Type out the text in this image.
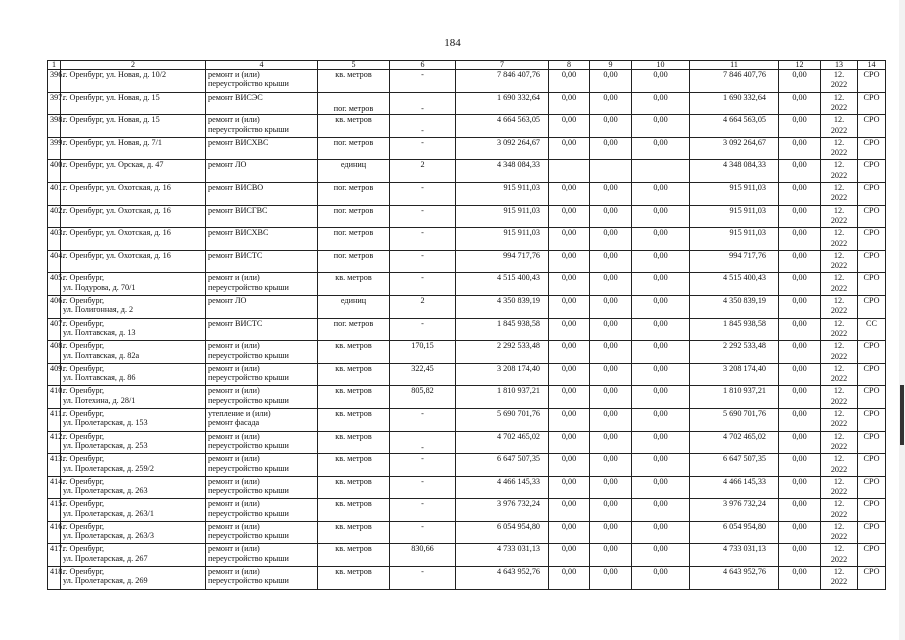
184
1	2	4	5	6	7	8	9	10	11	12	13	14
396.	г. Оренбург, ул. Новая, д. 10/2	ремонт и (или)
переустройство крыши	кв. метров	-	7 846 407,76	0,00	0,00	0,00	7 846 407,76	0,00	12.
2022	СРО
397.	г. Оренбург, ул. Новая, д. 15	ремонт ВИСЭС	пог. метров	-	1 690 332,64	0,00	0,00	0,00	1 690 332,64	0,00	12.
2022	СРО
398.	г. Оренбург, ул. Новая, д. 15	ремонт и (или)
переустройство крыши	кв. метров	-	4 664 563,05	0,00	0,00	0,00	4 664 563,05	0,00	12.
2022	СРО
399.	г. Оренбург, ул. Новая, д. 7/1	ремонт ВИСХВС	пог. метров	-	3 092 264,67	0,00	0,00	0,00	3 092 264,67	0,00	12.
2022	СРО
400.	г. Оренбург, ул. Орская, д. 47	ремонт ЛО	единиц	2	4 348 084,33				4 348 084,33	0,00	12.
2022	СРО
401.	г. Оренбург, ул. Охотская, д. 16	ремонт ВИСВО	пог. метров	-	915 911,03	0,00	0,00	0,00	915 911,03	0,00	12.
2022	СРО
402.	г. Оренбург, ул. Охотская, д. 16	ремонт ВИСГВС	пог. метров	-	915 911,03	0,00	0,00	0,00	915 911,03	0,00	12.
2022	СРО
403.	г. Оренбург, ул. Охотская, д. 16	ремонт ВИСХВС	пог. метров	-	915 911,03	0,00	0,00	0,00	915 911,03	0,00	12.
2022	СРО
404.	г. Оренбург, ул. Охотская, д. 16	ремонт ВИСТС	пог. метров	-	994 717,76	0,00	0,00	0,00	994 717,76	0,00	12.
2022	СРО
405.	г. Оренбург,
ул. Подурова, д. 70/1	ремонт и (или)
переустройство крыши	кв. метров	-	4 515 400,43	0,00	0,00	0,00	4 515 400,43	0,00	12.
2022	СРО
406.	г. Оренбург,
ул. Полигонная, д. 2	ремонт ЛО	единиц	2	4 350 839,19	0,00	0,00	0,00	4 350 839,19	0,00	12.
2022	СРО
407.	г. Оренбург,
ул. Полтавская, д. 13	ремонт ВИСТС	пог. метров	-	1 845 938,58	0,00	0,00	0,00	1 845 938,58	0,00	12.
2022	СС
408.	г. Оренбург,
ул. Полтавская, д. 82а	ремонт и (или)
переустройство крыши	кв. метров	170,15	2 292 533,48	0,00	0,00	0,00	2 292 533,48	0,00	12.
2022	СРО
409.	г. Оренбург,
ул. Полтавская, д. 86	ремонт и (или)
переустройство крыши	кв. метров	322,45	3 208 174,40	0,00	0,00	0,00	3 208 174,40	0,00	12.
2022	СРО
410.	г. Оренбург,
ул. Потехина, д. 28/1	ремонт и (или)
переустройство крыши	кв. метров	805,82	1 810 937,21	0,00	0,00	0,00	1 810 937,21	0,00	12.
2022	СРО
411.	г. Оренбург,
ул. Пролетарская, д. 153	утепление и (или)
ремонт фасада	кв. метров	-	5 690 701,76	0,00	0,00	0,00	5 690 701,76	0,00	12.
2022	СРО
412.	г. Оренбург,
ул. Пролетарская, д. 253	ремонт и (или)
переустройство крыши	кв. метров	-	4 702 465,02	0,00	0,00	0,00	4 702 465,02	0,00	12.
2022	СРО
413.	г. Оренбург,
ул. Пролетарская, д. 259/2	ремонт и (или)
переустройство крыши	кв. метров	-	6 647 507,35	0,00	0,00	0,00	6 647 507,35	0,00	12.
2022	СРО
414.	г. Оренбург,
ул. Пролетарская, д. 263	ремонт и (или)
переустройство крыши	кв. метров	-	4 466 145,33	0,00	0,00	0,00	4 466 145,33	0,00	12.
2022	СРО
415.	г. Оренбург,
ул. Пролетарская, д. 263/1	ремонт и (или)
переустройство крыши	кв. метров	-	3 976 732,24	0,00	0,00	0,00	3 976 732,24	0,00	12.
2022	СРО
416.	г. Оренбург,
ул. Пролетарская, д. 263/3	ремонт и (или)
переустройство крыши	кв. метров	-	6 054 954,80	0,00	0,00	0,00	6 054 954,80	0,00	12.
2022	СРО
417.	г. Оренбург,
ул. Пролетарская, д. 267	ремонт и (или)
переустройство крыши	кв. метров	830,66	4 733 031,13	0,00	0,00	0,00	4 733 031,13	0,00	12.
2022	СРО
418.	г. Оренбург,
ул. Пролетарская, д. 269	ремонт и (или)
переустройство крыши	кв. метров	-	4 643 952,76	0,00	0,00	0,00	4 643 952,76	0,00	12.
2022	СРО
